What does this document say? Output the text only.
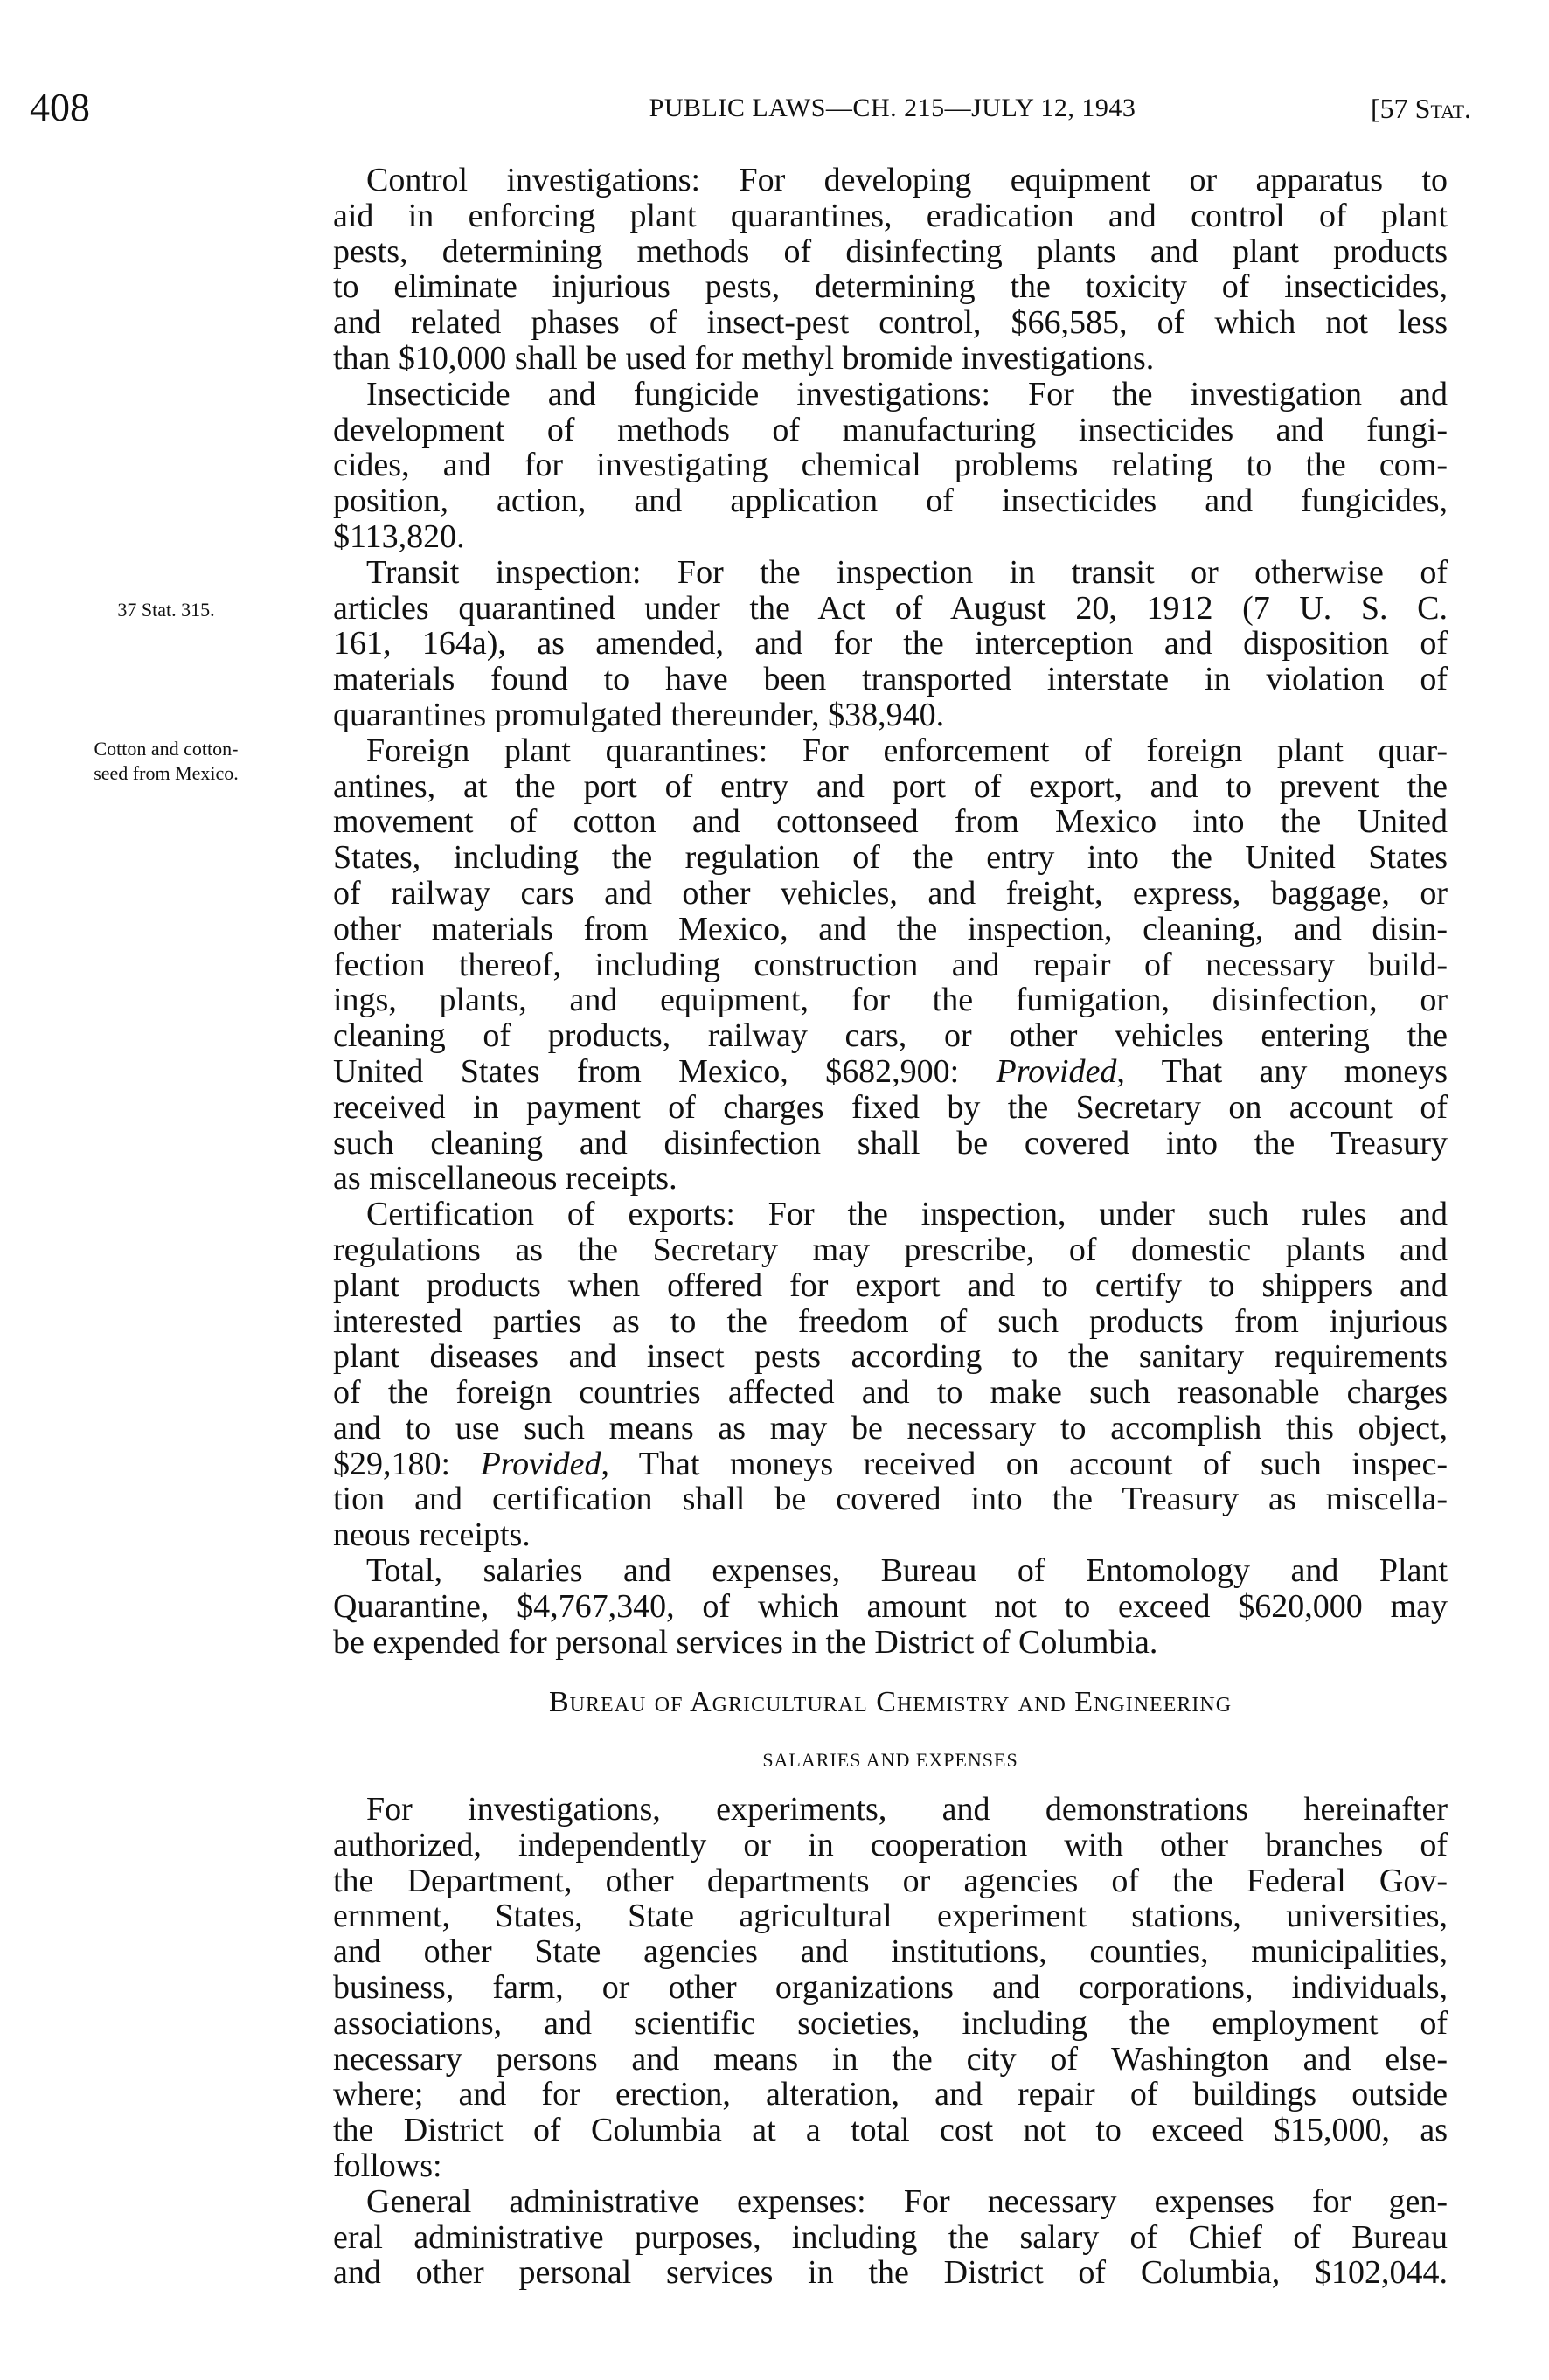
408	PUBLIC LAWS—CH. 215—JULY 12, 1943	[57 Stat.
37 Stat. 315.
Cotton and cotton-
seed from Mexico.
Control investigations: For developing equipment or apparatus to
aid in enforcing plant quarantines, eradication and control of plant
pests, determining methods of disinfecting plants and plant products
to eliminate injurious pests, determining the toxicity of insecticides,
and related phases of insect-pest control, $66,585, of which not less
than $10,000 shall be used for methyl bromide investigations.
Insecticide and fungicide investigations: For the investigation and
development of methods of manufacturing insecticides and fungi-
cides, and for investigating chemical problems relating to the com-
position, action, and application of insecticides and fungicides,
$113,820.
Transit inspection: For the inspection in transit or otherwise of
articles quarantined under the Act of August 20, 1912 (7 U. S. C.
161, 164a), as amended, and for the interception and disposition of
materials found to have been transported interstate in violation of
quarantines promulgated thereunder, $38,940.
Foreign plant quarantines: For enforcement of foreign plant quar-
antines, at the port of entry and port of export, and to prevent the
movement of cotton and cottonseed from Mexico into the United
States, including the regulation of the entry into the United States
of railway cars and other vehicles, and freight, express, baggage, or
other materials from Mexico, and the inspection, cleaning, and disin-
fection thereof, including construction and repair of necessary build-
ings, plants, and equipment, for the fumigation, disinfection, or
cleaning of products, railway cars, or other vehicles entering the
United States from Mexico, $682,900: Provided, That any moneys
received in payment of charges fixed by the Secretary on account of
such cleaning and disinfection shall be covered into the Treasury
as miscellaneous receipts.
Certification of exports: For the inspection, under such rules and
regulations as the Secretary may prescribe, of domestic plants and
plant products when offered for export and to certify to shippers and
interested parties as to the freedom of such products from injurious
plant diseases and insect pests according to the sanitary requirements
of the foreign countries affected and to make such reasonable charges
and to use such means as may be necessary to accomplish this object,
$29,180: Provided, That moneys received on account of such inspec-
tion and certification shall be covered into the Treasury as miscella-
neous receipts.
Total, salaries and expenses, Bureau of Entomology and Plant
Quarantine, $4,767,340, of which amount not to exceed $620,000 may
be expended for personal services in the District of Columbia.
Bureau of Agricultural Chemistry and Engineering
SALARIES AND EXPENSES
For investigations, experiments, and demonstrations hereinafter
authorized, independently or in cooperation with other branches of
the Department, other departments or agencies of the Federal Gov-
ernment, States, State agricultural experiment stations, universities,
and other State agencies and institutions, counties, municipalities,
business, farm, or other organizations and corporations, individuals,
associations, and scientific societies, including the employment of
necessary persons and means in the city of Washington and else-
where; and for erection, alteration, and repair of buildings outside
the District of Columbia at a total cost not to exceed $15,000, as
follows:
General administrative expenses: For necessary expenses for gen-
eral administrative purposes, including the salary of Chief of Bureau
and other personal services in the District of Columbia, $102,044.
